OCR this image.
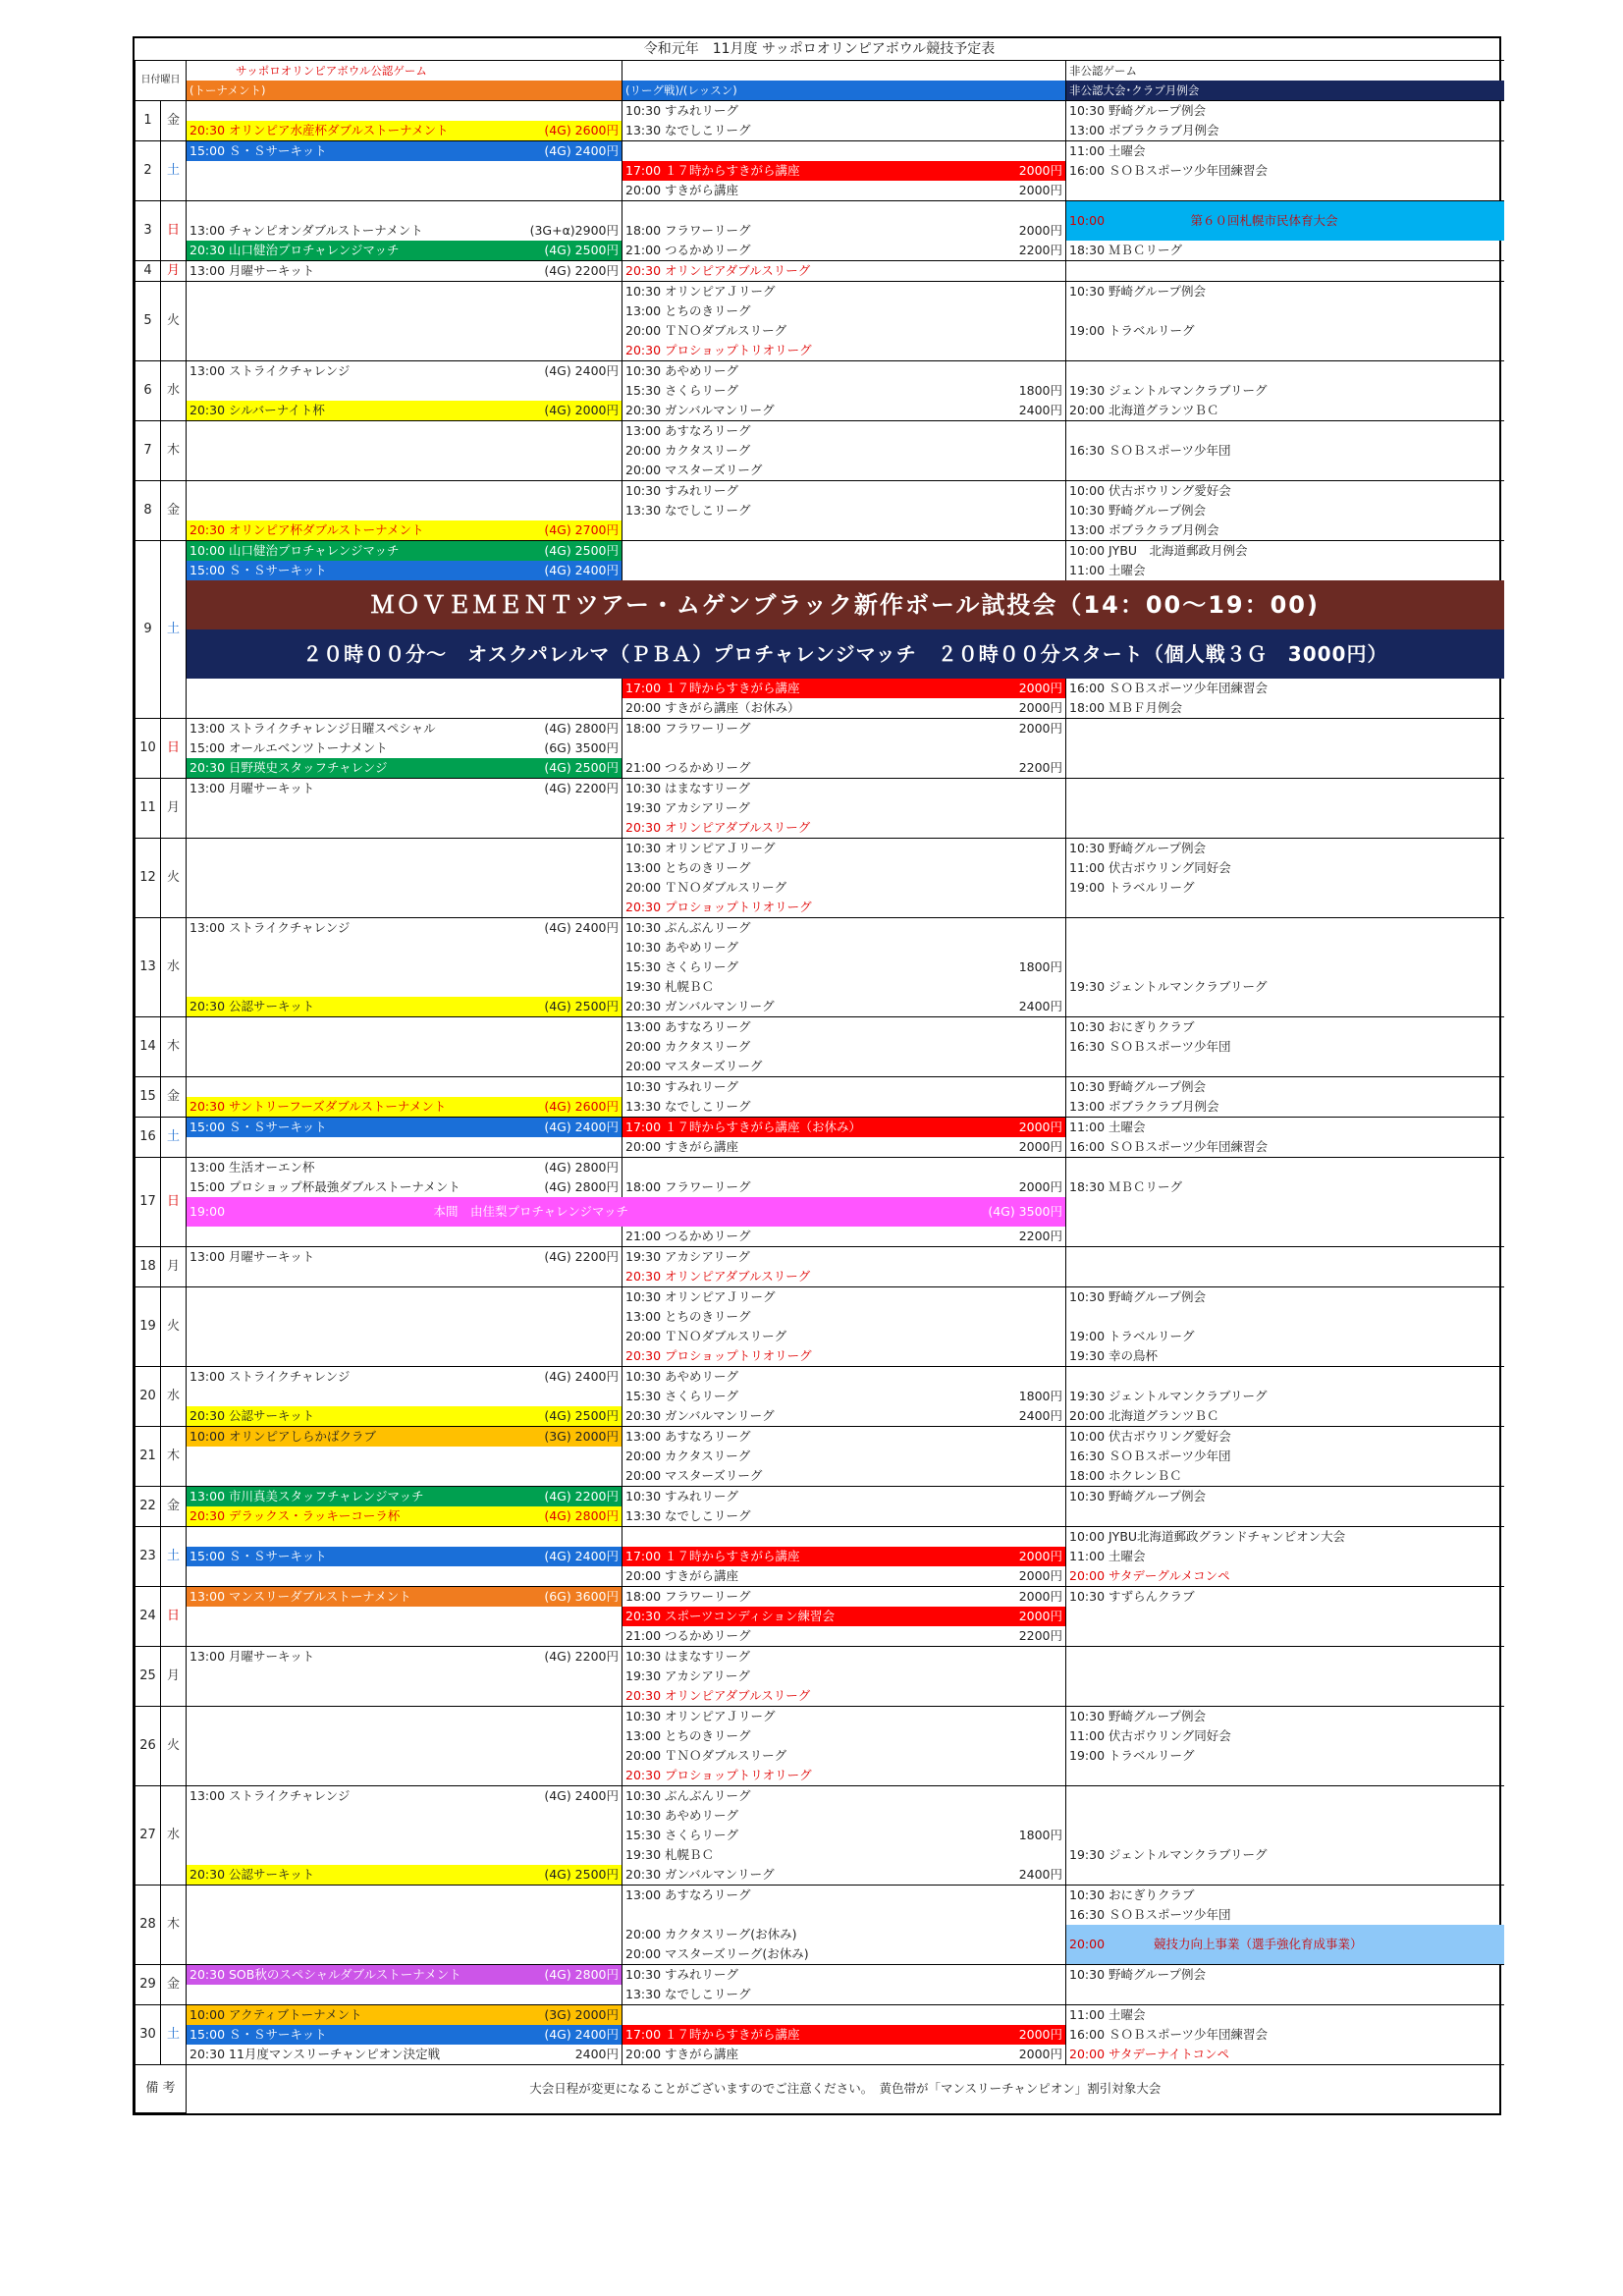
令和元年　11月度 サッポロオリンピアボウル競技予定表				
日付曜日		サッポロオリンピアボウル公認ゲーム		非公認ゲーム
		(トーナメント)	(リーグ戦)/(レッスン)	非公認大会･クラブ月例会
1	金		10:30 すみれリーグ	10:30 野崎グループ例会
		20:30 オリンピア水産杯ダブルストーナメント (4G) 2600円	13:30 なでしこリーグ	13:00 ボブラクラブ月例会
2	土	15:00 Ｓ・Ｓサーキット (4G) 2400円		11:00 土曜会
			17:00 １７時からすきがら講座 2000円	16:00 ＳＯＢスポーツ少年団練習会
			20:00 すきがら講座 2000円	

3	日			10:00　　　　　　　第６０回札幌市民体育大会
		13:00 チャンピオンダブルストーナメント (3G+α)2900円	18:00 フラワーリーグ 2000円	

		20:30 山口健治プロチャレンジマッチ (4G) 2500円	21:00 つるかめリーグ 2200円	18:30 ＭＢＣリーグ
4	月	13:00 月曜サーキット (4G) 2200円	20:30 オリンピアダブルスリーグ	
5	火		10:30 オリンピアＪリーグ	10:30 野崎グループ例会
			13:00 とちのきリーグ	
			20:00 ＴＮＯダブルスリーグ	19:00 トラベルリーグ
			20:30 プロショップトリオリーグ	
6	水	13:00 ストライクチャレンジ (4G) 2400円	10:30 あやめリーグ	
			15:30 さくらリーグ 1800円	19:30 ジェントルマンクラブリーグ
		20:30 シルバーナイト杯 (4G) 2000円	20:30 ガンバルマンリーグ 2400円	20:00 北海道グランツＢＣ
7	木		13:00 あすなろリーグ	
			20:00 カクタスリーグ	16:30 ＳＯＢスポーツ少年団
			20:00 マスターズリーグ	
8	金		10:30 すみれリーグ	10:00 伏古ボウリング愛好会
			13:30 なでしこリーグ	10:30 野崎グループ例会
		20:30 オリンピア杯ダブルストーナメント (4G) 2700円		13:00 ボブラクラブ月例会
9	土	10:00 山口健治プロチャレンジマッチ (4G) 2500円		10:00 JYBU　北海道郵政月例会
		15:00 Ｓ・Ｓサーキット (4G) 2400円		11:00 土曜会
		ＭＯＶＥＭＥＮＴツアー・ムゲンブラック新作ボール試投会（14：00～19：00)		
		２０時００分～　オスクパレルマ（ＰＢＡ）プロチャレンジマッチ　２０時００分スタート（個人戦３Ｇ　3000円）		
			17:00 １７時からすきがら講座 2000円	16:00 ＳＯＢスポーツ少年団練習会
			20:00 すきがら講座（お休み） 2000円	18:00 ＭＢＦ月例会
10	日	13:00 ストライクチャレンジ日曜スペシャル (4G) 2800円	18:00 フラワーリーグ 2000円	

		15:00 オールエベンツトーナメント (6G) 3500円		

		20:30 日野瑛史スタッフチャレンジ (4G) 2500円	21:00 つるかめリーグ 2200円	

11	月	13:00 月曜サーキット (4G) 2200円	10:30 はまなすリーグ	
			19:30 アカシアリーグ	
			20:30 オリンピアダブルスリーグ	
12	火		10:30 オリンピアＪリーグ	10:30 野崎グループ例会
			13:00 とちのきリーグ	11:00 伏古ボウリング同好会
			20:00 ＴＮＯダブルスリーグ	19:00 トラベルリーグ
			20:30 プロショップトリオリーグ	
13	水	13:00 ストライクチャレンジ (4G) 2400円	10:30 ぶんぶんリーグ	
			10:30 あやめリーグ	
			15:30 さくらリーグ 1800円	

			19:30 札幌ＢＣ	19:30 ジェントルマンクラブリーグ
		20:30 公認サーキット (4G) 2500円	20:30 ガンバルマンリーグ 2400円	

14	木		13:00 あすなろリーグ	10:30 おにぎりクラブ
			20:00 カクタスリーグ	16:30 ＳＯＢスポーツ少年団
			20:00 マスターズリーグ	
15	金		10:30 すみれリーグ	10:30 野崎グループ例会
		20:30 サントリーフーズダブルストーナメント (4G) 2600円	13:30 なでしこリーグ	13:00 ボブラクラブ月例会
16	土	15:00 Ｓ・Ｓサーキット (4G) 2400円	17:00 １７時からすきがら講座（お休み） 2000円	11:00 土曜会
			20:00 すきがら講座 2000円	16:00 ＳＯＢスポーツ少年団練習会
17	日	13:00 生活オーエン杯 (4G) 2800円		

		15:00 プロショップ杯最強ダブルストーナメント (4G) 2800円	18:00 フラワーリーグ 2000円	18:30 ＭＢＣリーグ
		19:00　　　　　　　　　　　　　　　　　本間　由佳梨プロチャレンジマッチ (4G) 3500円		

			21:00 つるかめリーグ 2200円	

18	月	13:00 月曜サーキット (4G) 2200円	19:30 アカシアリーグ	
			20:30 オリンピアダブルスリーグ	
19	火		10:30 オリンピアＪリーグ	10:30 野崎グループ例会
			13:00 とちのきリーグ	
			20:00 ＴＮＯダブルスリーグ	19:00 トラベルリーグ
			20:30 プロショップトリオリーグ	19:30 幸の鳥杯
20	水	13:00 ストライクチャレンジ (4G) 2400円	10:30 あやめリーグ	
			15:30 さくらリーグ 1800円	19:30 ジェントルマンクラブリーグ
		20:30 公認サーキット (4G) 2500円	20:30 ガンバルマンリーグ 2400円	20:00 北海道グランツＢＣ
21	木	10:00 オリンピアしらかばクラブ (3G) 2000円	13:00 あすなろリーグ	10:00 伏古ボウリング愛好会
			20:00 カクタスリーグ	16:30 ＳＯＢスポーツ少年団
			20:00 マスターズリーグ	18:00 ホクレンＢＣ
22	金	13:00 市川真美スタッフチャレンジマッチ (4G) 2200円	10:30 すみれリーグ	10:30 野崎グループ例会
		20:30 デラックス・ラッキーコーラ杯 (4G) 2800円	13:30 なでしこリーグ	
23	土			10:00 JYBU北海道郵政グランドチャンピオン大会
		15:00 Ｓ・Ｓサーキット (4G) 2400円	17:00 １７時からすきがら講座 2000円	11:00 土曜会
			20:00 すきがら講座 2000円	20:00 サタデーグルメコンペ
24	日	13:00 マンスリーダブルストーナメント (6G) 3600円	18:00 フラワーリーグ 2000円	10:30 すずらんクラブ
			20:30 スポーツコンディション練習会 2000円	

			21:00 つるかめリーグ 2200円	

25	月	13:00 月曜サーキット (4G) 2200円	10:30 はまなすリーグ	
			19:30 アカシアリーグ	
			20:30 オリンピアダブルスリーグ	
26	火		10:30 オリンピアＪリーグ	10:30 野崎グループ例会
			13:00 とちのきリーグ	11:00 伏古ボウリング同好会
			20:00 ＴＮＯダブルスリーグ	19:00 トラベルリーグ
			20:30 プロショップトリオリーグ	
27	水	13:00 ストライクチャレンジ (4G) 2400円	10:30 ぶんぶんリーグ	
			10:30 あやめリーグ	
			15:30 さくらリーグ 1800円	

			19:30 札幌ＢＣ	19:30 ジェントルマンクラブリーグ
		20:30 公認サーキット (4G) 2500円	20:30 ガンバルマンリーグ 2400円	

28	木		13:00 あすなろリーグ	10:30 おにぎりクラブ
				16:30 ＳＯＢスポーツ少年団
			20:00 カクタスリーグ(お休み)	20:00　　　　競技力向上事業（選手強化育成事業）
			20:00 マスターズリーグ(お休み)	
29	金	20:30 SOB秋のスペシャルダブルストーナメント (4G) 2800円	10:30 すみれリーグ	10:30 野崎グループ例会
			13:30 なでしこリーグ	
30	土	10:00 アクティブトーナメント (3G) 2000円		11:00 土曜会
		15:00 Ｓ・Ｓサーキット (4G) 2400円	17:00 １７時からすきがら講座 2000円	16:00 ＳＯＢスポーツ少年団練習会
		20:30 11月度マンスリーチャンピオン決定戦 2400円	20:00 すきがら講座 2000円	20:00 サタデーナイトコンペ
備 考		大会日程が変更になることがございますのでご注意ください。　黄色帯が「マンスリーチャンピオン」割引対象大会		
